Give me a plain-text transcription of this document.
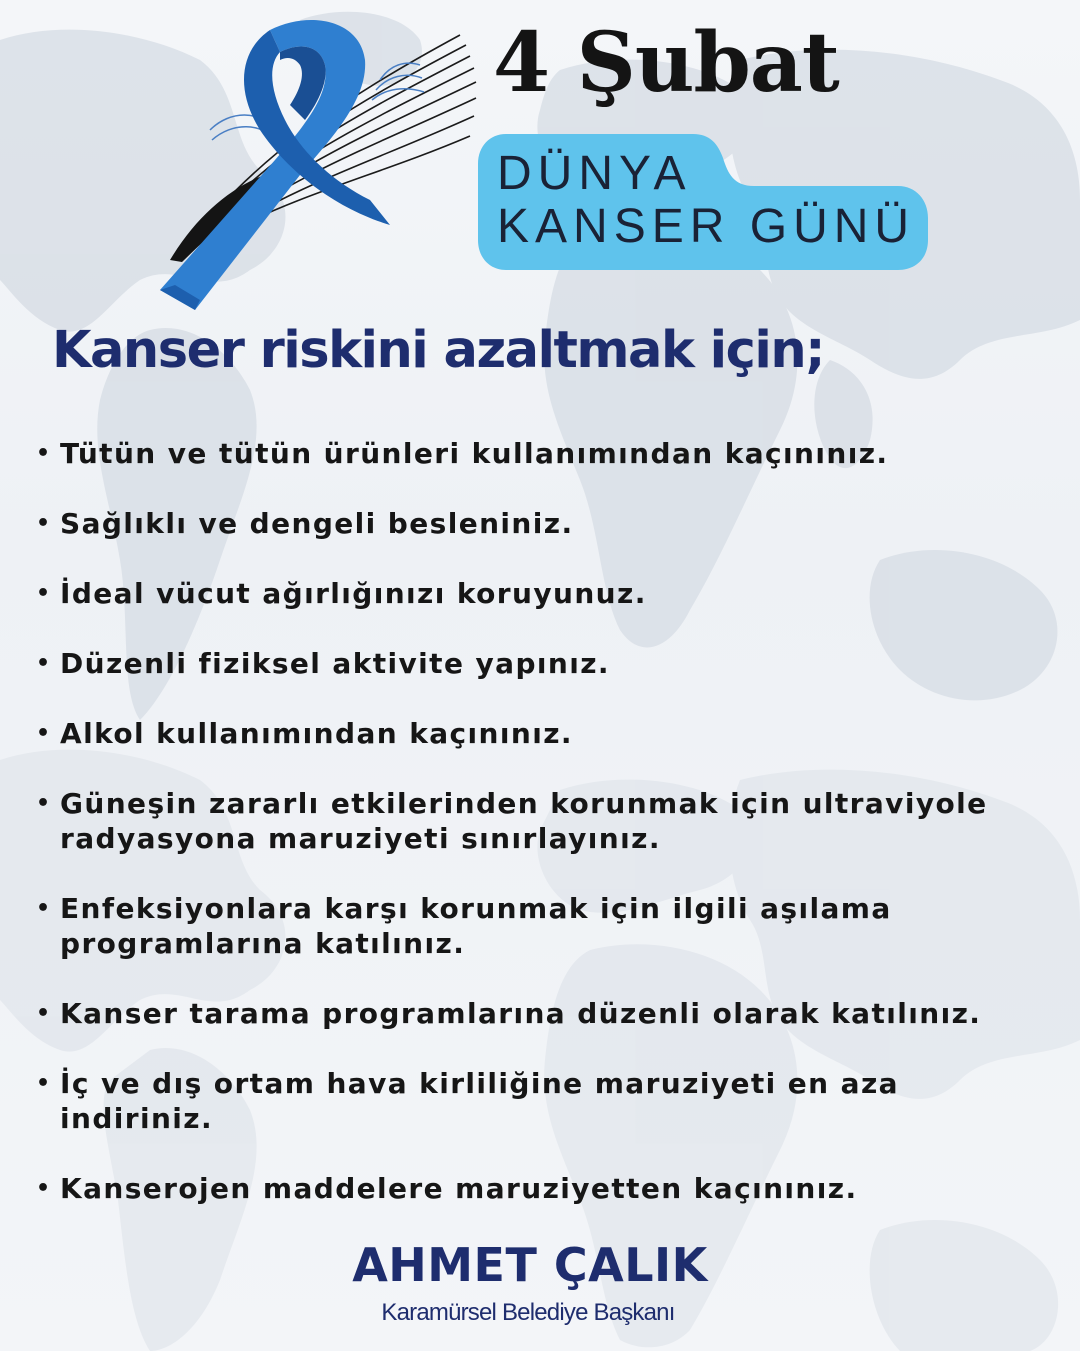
4 Şubat

DÜNYA

KANSER GÜNÜ

Kanser riskini azaltmak için;
• Tütün ve tütün ürünleri kullanımından kaçınınız.
• Sağlıklı ve dengeli besleniniz.
• İdeal vücut ağırlığınızı koruyunuz.
• Düzenli fiziksel aktivite yapınız.
• Alkol kullanımından kaçınınız.
• Güneşin zararlı etkilerinden korunmak için ultraviyole radyasyona maruziyeti sınırlayınız.
• Enfeksiyonlara karşı korunmak için ilgili aşılama programlarına katılınız.
• Kanser tarama programlarına düzenli olarak katılınız.
• İç ve dış ortam hava kirliliğine maruziyeti en aza indiriniz.
• Kanserojen maddelere maruziyetten kaçınınız.

AHMET ÇALIK

Karamürsel Belediye Başkanı
